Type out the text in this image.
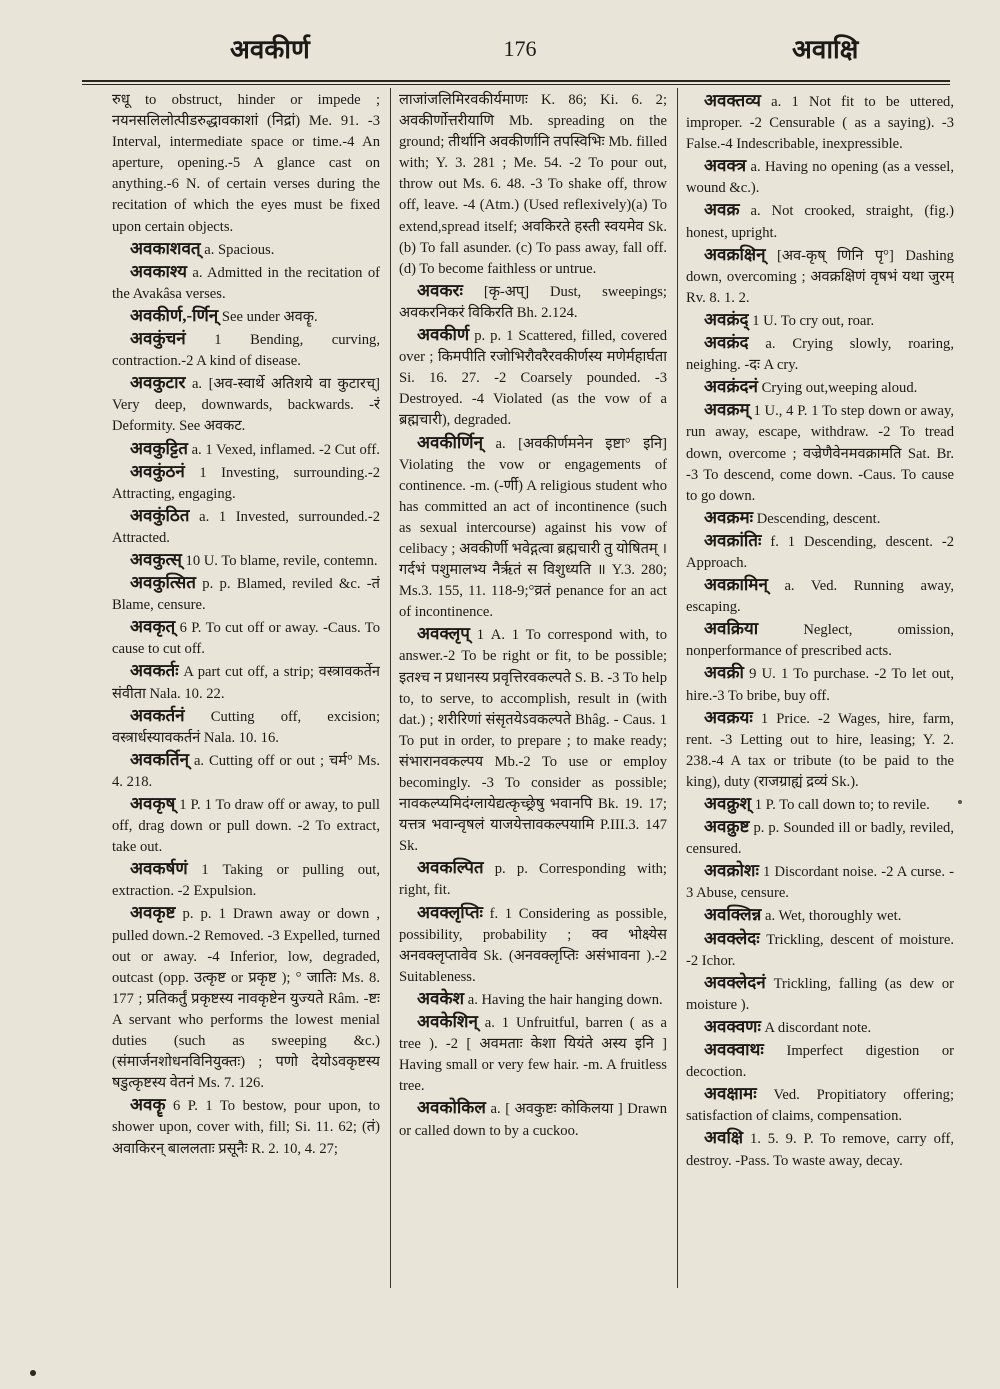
अवकीर्ण	176	अवाक्षि

रुधू to obstruct, hinder or impede ; नयनसलिलोत्पीडरुद्धावकाशां (निद्रां) Me. 91. -3 Interval, intermediate space or time.-4 An aperture, opening.-5 A glance cast on anything.-6 N. of certain verses during the recitation of which the eyes must be fixed upon certain objects.

अवकाशवत् a. Spacious.

अवकाश्य a. Admitted in the recitation of the Avakâsa verses.

अवकीर्ण,-र्णिन् See under अवकॄ.

अवकुंचनं 1 Bending, curving, contraction.-2 A kind of disease.

अवकुटार a. [अव-स्वार्थे अतिशये वा कुटारच्] Very deep, downwards, backwards. -रं Deformity. See अवकट.

अवकुट्टित a. 1 Vexed, inflamed. -2 Cut off.

अवकुंठनं 1 Investing, surrounding.-2 Attracting, engaging.

अवकुंठित a. 1 Invested, surrounded.-2 Attracted.

अवकुत्स् 10 U. To blame, revile, contemn.

अवकुत्सित p. p. Blamed, reviled &c. -तं Blame, censure.

अवकृत् 6 P. To cut off or away. -Caus. To cause to cut off.

अवकर्तः A part cut off, a strip; वस्त्रावकर्तेन संवीता Nala. 10. 22.

अवकर्तनं Cutting off, excision; वस्त्रार्धस्यावकर्तनं Nala. 10. 16.

अवकर्तिन् a. Cutting off or out ; चर्म° Ms. 4. 218.

अवकृष् 1 P. 1 To draw off or away, to pull off, drag down or pull down. -2 To extract, take out.

अवकर्षणं 1 Taking or pulling out, extraction. -2 Expulsion.

अवकृष्ट p. p. 1 Drawn away or down , pulled down.-2 Removed. -3 Expelled, turned out or away. -4 Inferior, low, degraded, outcast (opp. उत्कृष्ट or प्रकृष्ट ); ° जातिः Ms. 8. 177 ; प्रतिकर्तुं प्रकृष्टस्य नावकृष्टेन युज्यते Râm. -ष्टः A servant who performs the lowest menial duties (such as sweeping &c.) (संमार्जनशोधनविनियुक्तः) ; पणो देयोऽवकृष्टस्य षडुत्कृष्टस्य वेतनं Ms. 7. 126.

अवकॄ 6 P. 1 To bestow, pour upon, to shower upon, cover with, fill; Si. 11. 62; (तं) अवाकिरन् बाललताः प्रसूनैः R. 2. 10, 4. 27;

लाजांजलिमिरवकीर्यमाणः K. 86; Ki. 6. 2; अवकीर्णोत्तरीयाणि Mb. spreading on the ground; तीर्थानि अवकीर्णानि तपस्विभिः Mb. filled with; Y. 3. 281 ; Me. 54. -2 To pour out, throw out Ms. 6. 48. -3 To shake off, throw off, leave. -4 (Atm.) (Used reflexively)(a) To extend,spread itself; अवकिरते हस्ती स्वयमेव Sk. (b) To fall asunder. (c) To pass away, fall off. (d) To become faithless or untrue.

अवकरः [कृ-अप्] Dust, sweepings; अवकरनिकरं विकिरति Bh. 2.124.

अवकीर्ण p. p. 1 Scattered, filled, covered over ; किमपीति रजोभिरौवरैरवकीर्णस्य मणेर्महार्घता Si. 16. 27. -2 Coarsely pounded. -3 Destroyed. -4 Violated (as the vow of a ब्रह्मचारी), degraded.

अवकीर्णिन् a. [अवकीर्णमनेन इष्टा° इनि] Violating the vow or engagements of continence. -m. (-र्णी) A religious student who has committed an act of incontinence (such as sexual intercourse) against his vow of celibacy ; अवकीर्णी भवेद्गत्वा ब्रह्मचारी तु योषितम् । गर्दभं पशुमालभ्य नैर्ऋतं स विशुध्यति ॥ Y.3. 280; Ms.3. 155, 11. 118-9;°व्रतं penance for an act of incontinence.

अवक्लृप् 1 A. 1 To correspond with, to answer.-2 To be right or fit, to be possible; इतश्च न प्रधानस्य प्रवृत्तिरवकल्पते S. B. -3 To help to, to serve, to accomplish, result in (with dat.) ; शरीरिणां संसृतयेऽवकल्पते Bhâg. - Caus. 1 To put in order, to prepare ; to make ready; संभारानवकल्पय Mb.-2 To use or employ becomingly. -3 To consider as possible; नावकल्प्यमिदंग्लायेद्यत्कृच्छ्रेषु भवानपि Bk. 19. 17; यत्तत्र भवान्वृषलं याजयेत्तावकल्पयामि P.III.3. 147 Sk.

अवकल्पित p. p. Corresponding with; right, fit.

अवक्लृप्तिः f. 1 Considering as possible, possibility, probability ; क्व भोक्ष्येस अनवक्लृप्तावेव Sk. (अनवक्लृप्तिः असंभावना ).-2 Suitableness.

अवकेश a. Having the hair hanging down.

अवकेशिन् a. 1 Unfruitful, barren ( as a tree ). -2 [ अवमताः केशा यियंते अस्य इनि ] Having small or very few hair. -m. A fruitless tree.

अवकोकिल a. [ अवकुष्टः कोकिलया ] Drawn or called down to by a cuckoo.

अवक्तव्य a. 1 Not fit to be uttered, improper. -2 Censurable ( as a saying). -3 False.-4 Indescribable, inexpressible.

अवक्त्र a. Having no opening (as a vessel, wound &c.).

अवक्र a. Not crooked, straight, (fig.) honest, upright.

अवक्रक्षिन् [अव-कृष् णिनि पृ°] Dashing down, overcoming ; अवक्रक्षिणं वृषभं यथा जुरम् Rv. 8. 1. 2.

अवक्रंद् 1 U. To cry out, roar.

अवक्रंद a. Crying slowly, roaring, neighing. -दः A cry.

अवक्रंदनं Crying out,weeping aloud.

अवक्रम् 1 U., 4 P. 1 To step down or away, run away, escape, withdraw. -2 To tread down, overcome ; वज्रेणैवेनमवक्रामति Sat. Br. -3 To descend, come down. -Caus. To cause to go down.

अवक्रमः Descending, descent.

अवक्रांतिः f. 1 Descending, descent. -2 Approach.

अवक्रामिन् a. Ved. Running away, escaping.

अवक्रिया	Neglect, omission, nonperformance of prescribed acts.

अवक्री 9 U. 1 To purchase. -2 To let out, hire.-3 To bribe, buy off.

अवक्रयः 1 Price. -2 Wages, hire, farm, rent. -3 Letting out to hire, leasing; Y. 2. 238.-4 A tax or tribute (to be paid to the king), duty (राजग्राह्यं द्रव्यं Sk.).

अवक्रुश् 1 P. To call down to; to revile.

अवक्रुष्ट p. p. Sounded ill or badly, reviled, censured.

अवक्रोशः 1 Discordant noise. -2 A curse. - 3 Abuse, censure.

अवक्लिन्न a. Wet, thoroughly wet.

अवक्लेदः Trickling, descent of moisture. -2 Ichor.

अवक्लेदनं Trickling, falling (as dew or moisture ).

अवक्वणः A discordant note.

अवक्वाथः Imperfect digestion or decoction.

अवक्षामः Ved. Propitiatory offering; satisfaction of claims, compensation.

अवक्षि 1. 5. 9. P. To remove, carry off, destroy. -Pass. To waste away, decay.
